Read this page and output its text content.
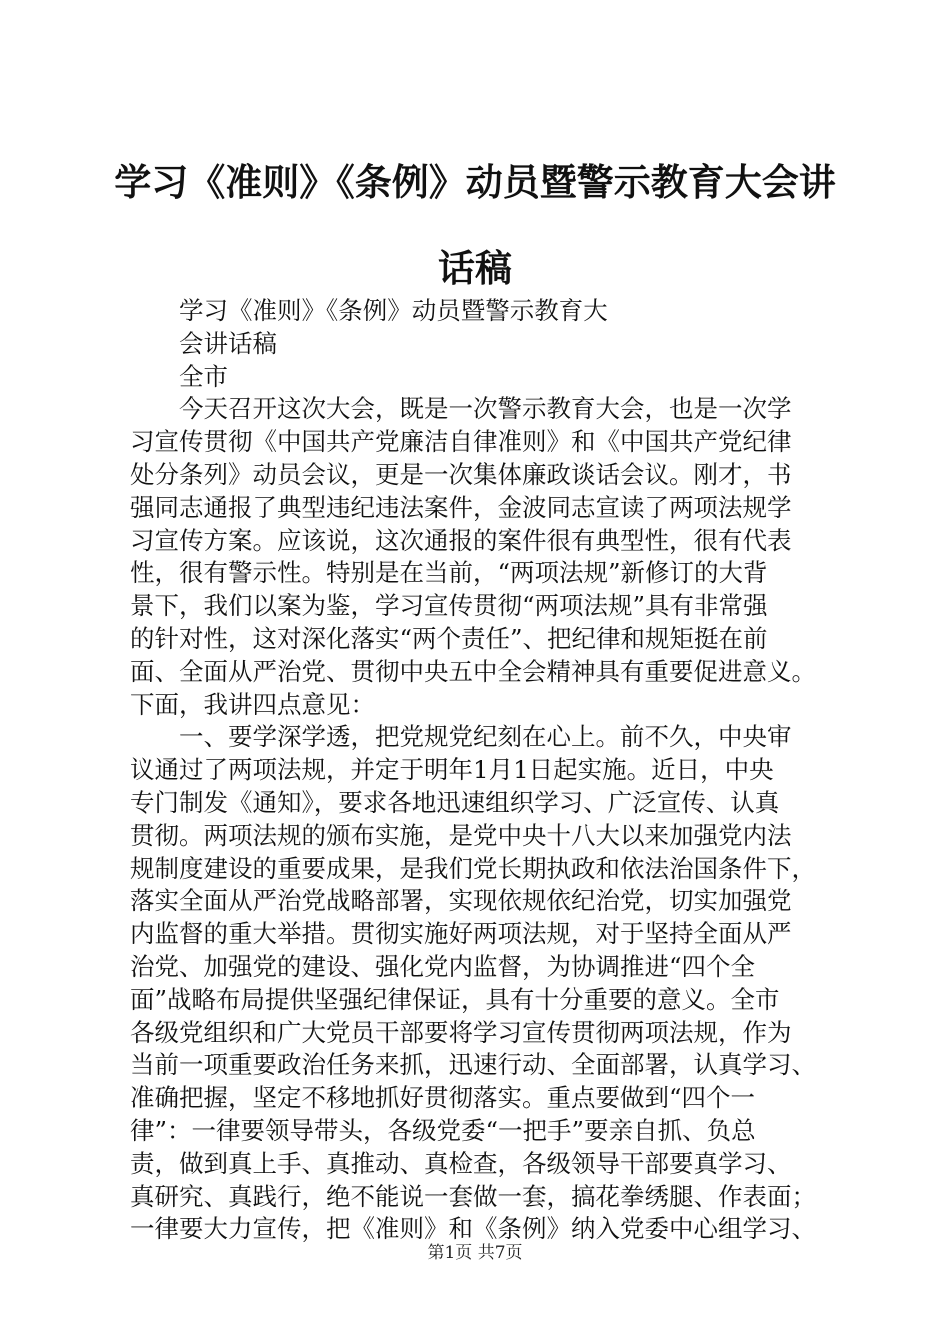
学习《准则》《条例》动员暨警示教育大会讲
话稿
学习《准则》《条例》动员暨警示教育大
会讲话稿
全市
今天召开这次大会，既是一次警示教育大会，也是一次学
习宣传贯彻《中国共产党廉洁自律准则》和《中国共产党纪律
处分条列》动员会议，更是一次集体廉政谈话会议。刚才，书
强同志通报了典型违纪违法案件，金波同志宣读了两项法规学
习宣传方案。应该说，这次通报的案件很有典型性，很有代表
性，很有警示性。特别是在当前，“两项法规”新修订的大背
景下，我们以案为鉴，学习宣传贯彻“两项法规”具有非常强
的针对性，这对深化落实“两个责任”、把纪律和规矩挺在前
面、全面从严治党、贯彻中央五中全会精神具有重要促进意义。
下面，我讲四点意见：
一、要学深学透，把党规党纪刻在心上。前不久，中央审
议通过了两项法规，并定于明年1月1日起实施。近日，中央
专门制发《通知》，要求各地迅速组织学习、广泛宣传、认真
贯彻。两项法规的颁布实施，是党中央十八大以来加强党内法
规制度建设的重要成果，是我们党长期执政和依法治国条件下，
落实全面从严治党战略部署，实现依规依纪治党，切实加强党
内监督的重大举措。贯彻实施好两项法规，对于坚持全面从严
治党、加强党的建设、强化党内监督，为协调推进“四个全
面”战略布局提供坚强纪律保证，具有十分重要的意义。全市
各级党组织和广大党员干部要将学习宣传贯彻两项法规，作为
当前一项重要政治任务来抓，迅速行动、全面部署，认真学习、
准确把握，坚定不移地抓好贯彻落实。重点要做到“四个一
律”：一律要领导带头，各级党委“一把手”要亲自抓、负总
责，做到真上手、真推动、真检查，各级领导干部要真学习、
真研究、真践行，绝不能说一套做一套，搞花拳绣腿、作表面；
一律要大力宣传，把《准则》和《条例》纳入党委中心组学习、
第1页 共7页
